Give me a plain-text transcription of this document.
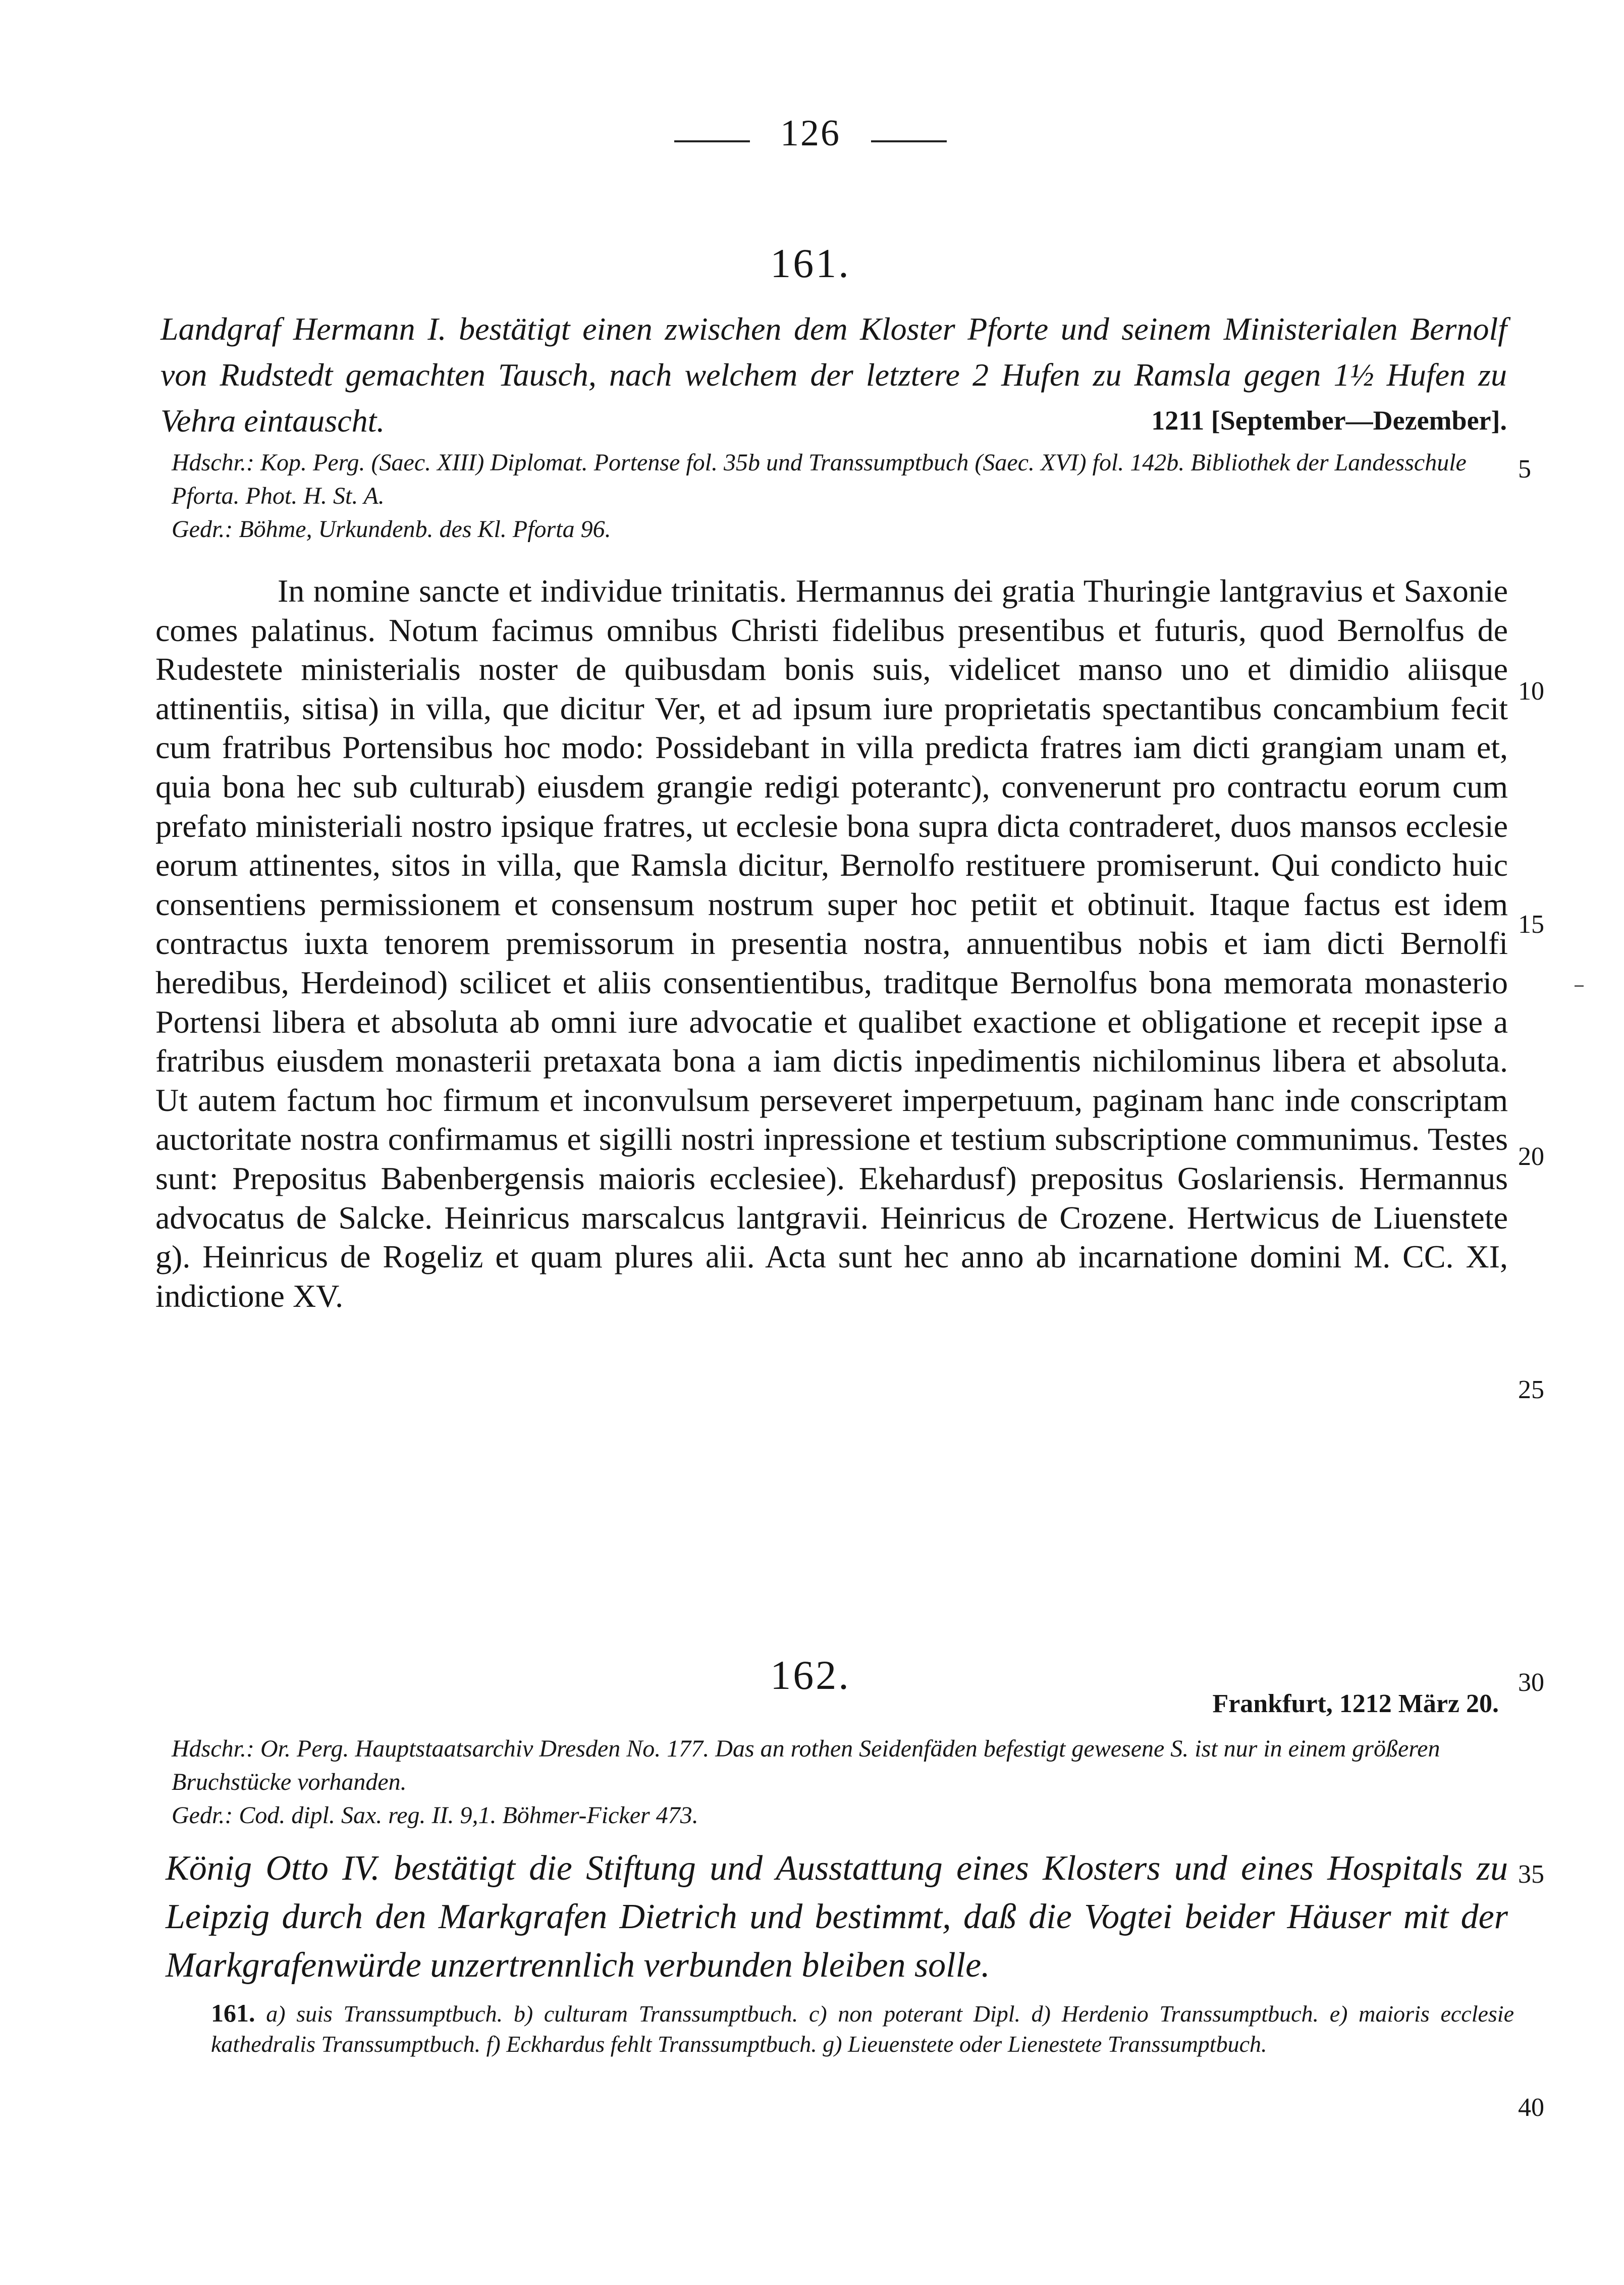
126
161.
Landgraf Hermann I. bestätigt einen zwischen dem Kloster Pforte und seinem Ministerialen Bernolf von Rudstedt gemachten Tausch, nach welchem der letztere 2 Hufen zu Ramsla gegen 1½ Hufen zu Vehra eintauscht.	1211 [September—Dezember].
Hdschr.: Kop. Perg. (Saec. XIII) Diplomat. Portense fol. 35b und Transsumptbuch (Saec. XVI) fol. 142b. Bibliothek der Landesschule Pforta. Phot. H. St. A.
Gedr.: Böhme, Urkundenb. des Kl. Pforta 96.

In nomine sancte et individue trinitatis. Hermannus dei gratia Thuringie lantgravius et Saxonie comes palatinus. Notum facimus omnibus Christi fidelibus presentibus et futuris, quod Bernolfus de Rudestete ministerialis noster de quibusdam bonis suis, videlicet manso uno et dimidio aliisque attinentiis, sitisa) in villa, que dicitur Ver, et ad ipsum iure proprietatis spectantibus concambium fecit cum fratribus Portensibus hoc modo: Possidebant in villa predicta fratres iam dicti grangiam unam et, quia bona hec sub culturab) eiusdem grangie redigi poterantc), convenerunt pro contractu eorum cum prefato ministeriali nostro ipsique fratres, ut ecclesie bona supra dicta contraderet, duos mansos ecclesie eorum attinentes, sitos in villa, que Ramsla dicitur, Bernolfo restituere promiserunt. Qui condicto huic consentiens permissionem et consensum nostrum super hoc petiit et obtinuit. Itaque factus est idem contractus iuxta tenorem premissorum in presentia nostra, annuentibus nobis et iam dicti Bernolfi heredibus, Herdeinod) scilicet et aliis consentientibus, traditque Bernolfus bona memorata monasterio Portensi libera et absoluta ab omni iure advocatie et qualibet exactione et obligatione et recepit ipse a fratribus eiusdem monasterii pretaxata bona a iam dictis inpedimentis nichilominus libera et absoluta. Ut autem factum hoc firmum et inconvulsum perseveret imperpetuum, paginam hanc inde conscriptam auctoritate nostra confirmamus et sigilli nostri inpressione et testium subscriptione communimus. Testes sunt: Prepositus Babenbergensis maioris ecclesiee). Ekehardusf) prepositus Goslariensis. Hermannus advocatus de Salcke. Heinricus marscalcus lantgravii. Heinricus de Crozene. Hertwicus de Liuenstete g). Heinricus de Rogeliz et quam plures alii. Acta sunt hec anno ab incarnatione domini M. CC. XI, indictione XV.

162.
Frankfurt, 1212 März 20.
Hdschr.: Or. Perg. Hauptstaatsarchiv Dresden No. 177. Das an rothen Seidenfäden befestigt gewesene S. ist nur in einem größeren Bruchstücke vorhanden.
Gedr.: Cod. dipl. Sax. reg. II. 9,1. Böhmer-Ficker 473.
König Otto IV. bestätigt die Stiftung und Ausstattung eines Klosters und eines Hospitals zu Leipzig durch den Markgrafen Dietrich und bestimmt, daß die Vogtei beider Häuser mit der Markgrafenwürde unzertrennlich verbunden bleiben solle.
161. a) suis Transsumptbuch. b) culturam Transsumptbuch. c) non poterant Dipl. d) Herdenio Transsumptbuch. e) maioris ecclesie kathedralis Transsumptbuch. f) Eckhardus fehlt Transsumptbuch. g) Lieuenstete oder Lienestete Transsumptbuch.
5
10
15
20
25
30
35
40
